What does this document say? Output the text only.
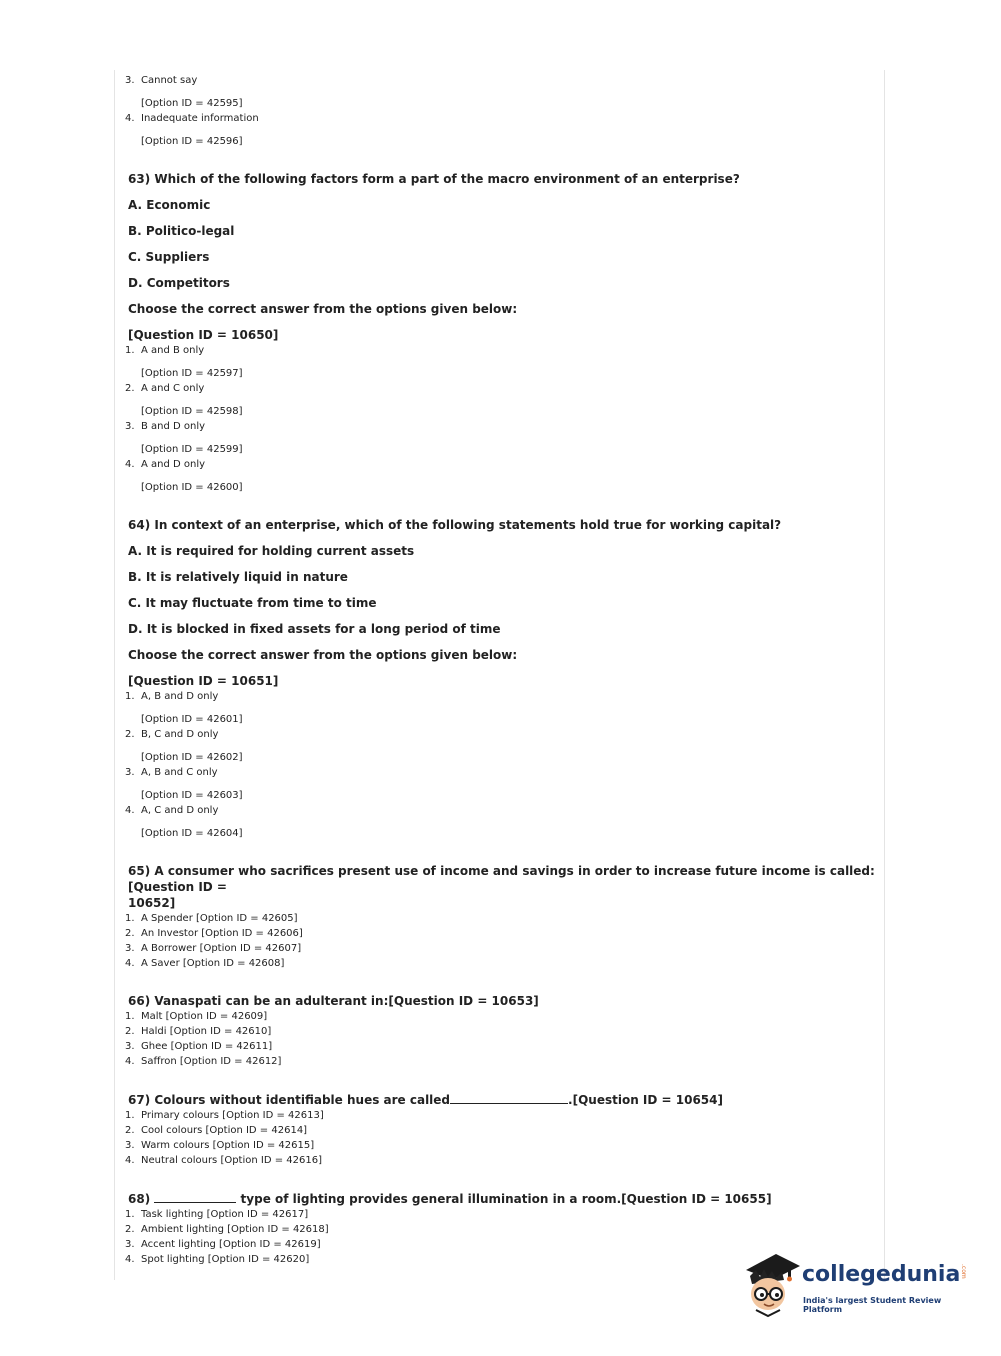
3. Cannot say

[Option ID = 42595]

4. Inadequate information

[Option ID = 42596]

63) Which of the following factors form a part of the macro environment of an enterprise?

A. Economic

B. Politico-legal

C. Suppliers

D. Competitors

Choose the correct answer from the options given below:

[Question ID = 10650]

1. A and B only

[Option ID = 42597]

2. A and C only

[Option ID = 42598]

3. B and D only

[Option ID = 42599]

4. A and D only

[Option ID = 42600]

64) In context of an enterprise, which of the following statements hold true for working capital?

A. It is required for holding current assets

B. It is relatively liquid in nature

C. It may fluctuate from time to time

D. It is blocked in fixed assets for a long period of time

Choose the correct answer from the options given below:

[Question ID = 10651]

1. A, B and D only

[Option ID = 42601]

2. B, C and D only

[Option ID = 42602]

3. A, B and C only

[Option ID = 42603]

4. A, C and D only

[Option ID = 42604]

65) A consumer who sacrifices present use of income and savings in order to increase future income is called:[Question ID =

10652]

1. A Spender [Option ID = 42605]

2. An Investor [Option ID = 42606]

3. A Borrower [Option ID = 42607]

4. A Saver [Option ID = 42608]

66) Vanaspati can be an adulterant in:[Question ID = 10653]

1. Malt [Option ID = 42609]

2. Haldi [Option ID = 42610]

3. Ghee [Option ID = 42611]

4. Saffron [Option ID = 42612]

67) Colours without identifiable hues are called	.[Question ID = 10654]

1. Primary colours [Option ID = 42613]

2. Cool colours [Option ID = 42614]

3. Warm colours [Option ID = 42615]

4. Neutral colours [Option ID = 42616]

68)	type of lighting provides general illumination in a room.[Question ID = 10655]

1. Task lighting [Option ID = 42617]

2. Ambient lighting [Option ID = 42618]

3. Accent lighting [Option ID = 42619]

4. Spot lighting [Option ID = 42620]

collegedunia .com
India's largest Student Review Platform
